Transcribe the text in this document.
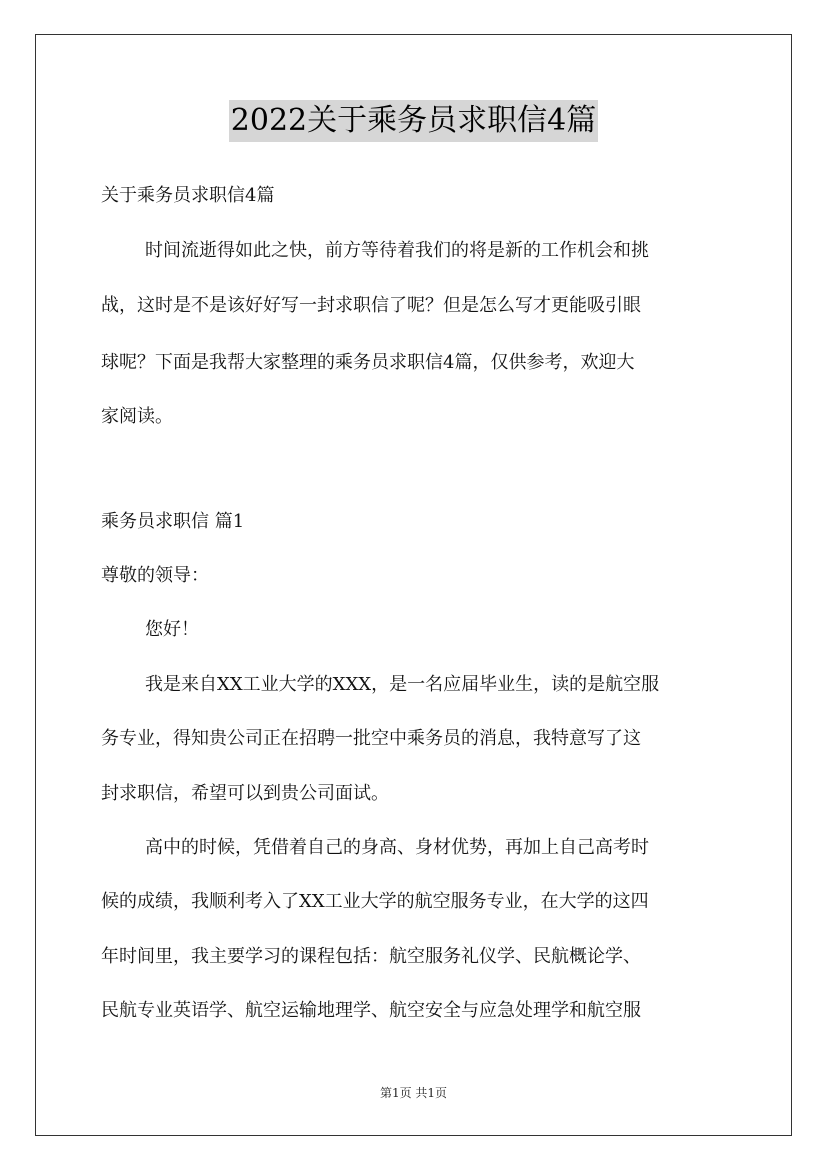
2022关于乘务员求职信4篇
关于乘务员求职信4篇
时间流逝得如此之快，前方等待着我们的将是新的工作机会和挑
战，这时是不是该好好写一封求职信了呢？但是怎么写才更能吸引眼
球呢？下面是我帮大家整理的乘务员求职信4篇，仅供参考，欢迎大
家阅读。
乘务员求职信 篇1
尊敬的领导：
您好！
我是来自XX工业大学的XXX，是一名应届毕业生，读的是航空服
务专业，得知贵公司正在招聘一批空中乘务员的消息，我特意写了这
封求职信，希望可以到贵公司面试。
高中的时候，凭借着自己的身高、身材优势，再加上自己高考时
候的成绩，我顺利考入了XX工业大学的航空服务专业，在大学的这四
年时间里，我主要学习的课程包括：航空服务礼仪学、民航概论学、
民航专业英语学、航空运输地理学、航空安全与应急处理学和航空服
第1页 共1页
